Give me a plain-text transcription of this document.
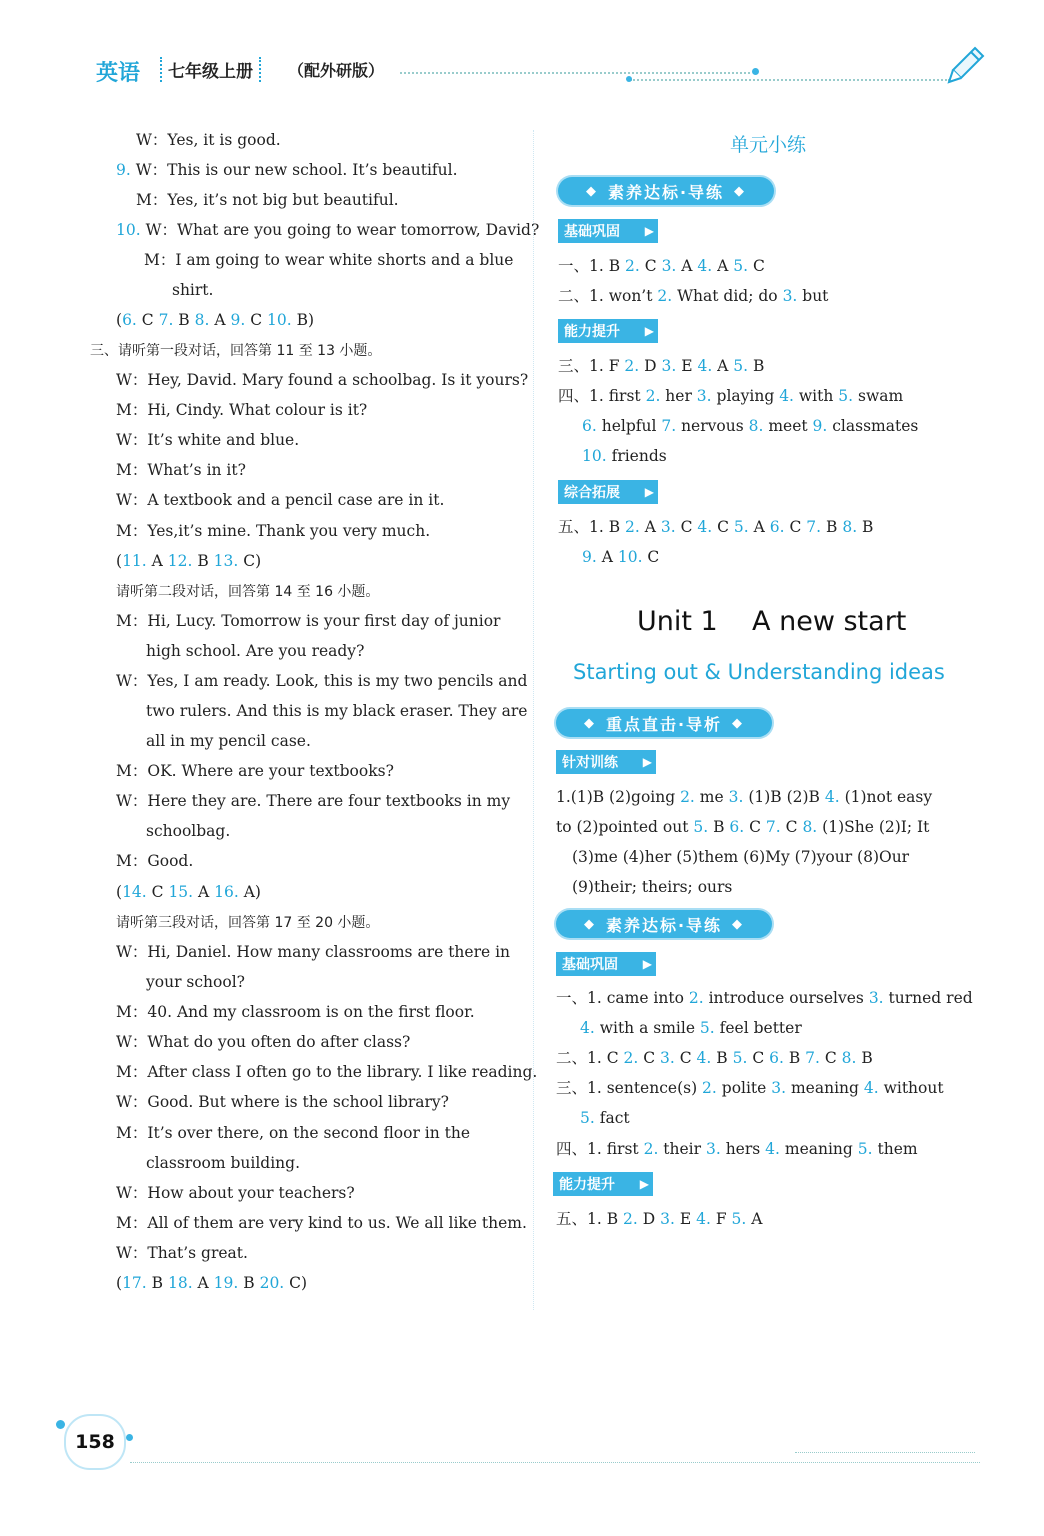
英语	七年级上册	（配外研版）
W：Yes, it is good.
9. W：This is our new school. It’s beautiful.
M：Yes, it’s not big but beautiful.
10. W：What are you going to wear tomorrow, David?
M：I am going to wear white shorts and a blue
shirt.
(6. C 7. B 8. A 9. C 10. B)
三、请听第一段对话，回答第 11 至 13 小题。
W：Hey, David. Mary found a schoolbag. Is it yours?
M：Hi, Cindy. What colour is it?
W：It’s white and blue.
M：What’s in it?
W：A textbook and a pencil case are in it.
M：Yes,it’s mine. Thank you very much.
(11. A 12. B 13. C)
请听第二段对话，回答第 14 至 16 小题。
M：Hi, Lucy. Tomorrow is your first day of junior
high school. Are you ready?
W：Yes, I am ready. Look, this is my two pencils and
two rulers. And this is my black eraser. They are
all in my pencil case.
M：OK. Where are your textbooks?
W：Here they are. There are four textbooks in my
schoolbag.
M：Good.
(14. C 15. A 16. A)
请听第三段对话，回答第 17 至 20 小题。
W：Hi, Daniel. How many classrooms are there in
your school?
M：40. And my classroom is on the first floor.
W：What do you often do after class?
M：After class I often go to the library. I like reading.
W：Good. But where is the school library?
M：It’s over there, on the second floor in the
classroom building.
W：How about your teachers?
M：All of them are very kind to us. We all like them.
W：That’s great.
(17. B 18. A 19. B 20. C)
单元小练
一、1. B 2. C 3. A 4. A 5. C
二、1. won’t 2. What did; do 3. but
三、1. F 2. D 3. E 4. A 5. B
四、1. first 2. her 3. playing 4. with 5. swam
6. helpful 7. nervous 8. meet 9. classmates
10. friends
五、1. B 2. A 3. C 4. C 5. A 6. C 7. B 8. B
9. A 10. C
1.(1)B (2)going 2. me 3. (1)B (2)B 4. (1)not easy
to (2)pointed out 5. B 6. C 7. C 8. (1)She (2)I; It
(3)me (4)her (5)them (6)My (7)your (8)Our
(9)their; theirs; ours
一、1. came into 2. introduce ourselves 3. turned red
4. with a smile 5. feel better
二、1. C 2. C 3. C 4. B 5. C 6. B 7. C 8. B
三、1. sentence(s) 2. polite 3. meaning 4. without
5. fact
四、1. first 2. their 3. hers 4. meaning 5. them
五、1. B 2. D 3. E 4. F 5. A
◆ 素养达标·导练 ◆
◆ 重点直击·导析 ◆
◆ 素养达标·导练 ◆
基础巩固
▶
能力提升
▶
综合拓展
▶
针对训练
▶
基础巩固
▶
能力提升
▶
Unit 1    A new start
Starting out & Understanding ideas
158
